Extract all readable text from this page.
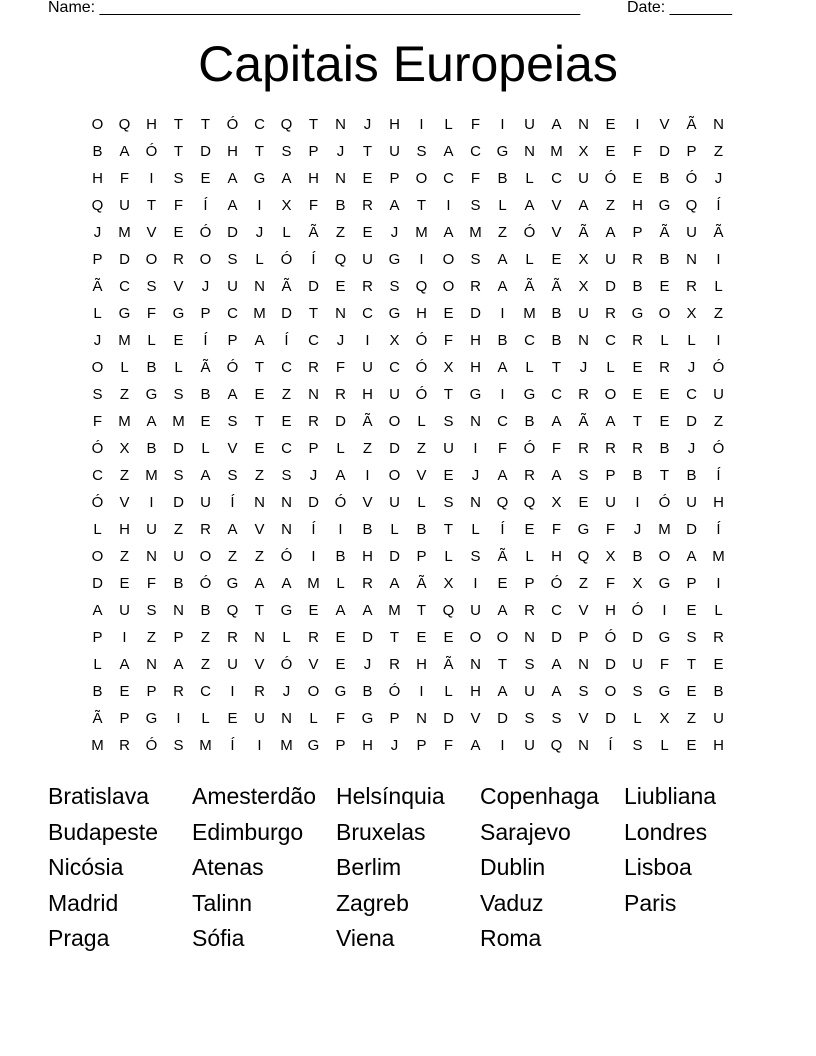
Name: ______________________________________________________	Date: _______
Capitais Europeias
O	Q	H	T	T	Ó	C	Q	T	N	J	H	I	L	F	I	U	A	N	E	I	V	Ã	N
B	A	Ó	T	D	H	T	S	P	J	T	U	S	A	C	G	N	M	X	E	F	D	P	Z
H	F	I	S	E	A	G	A	H	N	E	P	O	C	F	B	L	C	U	Ó	E	B	Ó	J
Q	U	T	F	Í	A	I	X	F	B	R	A	T	I	S	L	A	V	A	Z	H	G	Q	Í
J	M	V	E	Ó	D	J	L	Ã	Z	E	J	M	A	M	Z	Ó	V	Ã	A	P	Ã	U	Ã
P	D	O	R	O	S	L	Ó	Í	Q	U	G	I	O	S	A	L	E	X	U	R	B	N	I
Ã	C	S	V	J	U	N	Ã	D	E	R	S	Q	O	R	A	Ã	Ã	X	D	B	E	R	L
L	G	F	G	P	C	M	D	T	N	C	G	H	E	D	I	M	B	U	R	G	O	X	Z
J	M	L	E	Í	P	A	Í	C	J	I	X	Ó	F	H	B	C	B	N	C	R	L	L	I
O	L	B	L	Ã	Ó	T	C	R	F	U	C	Ó	X	H	A	L	T	J	L	E	R	J	Ó
S	Z	G	S	B	A	E	Z	N	R	H	U	Ó	T	G	I	G	C	R	O	E	E	C	U
F	M	A	M	E	S	T	E	R	D	Ã	O	L	S	N	C	B	A	Ã	A	T	E	D	Z
Ó	X	B	D	L	V	E	C	P	L	Z	D	Z	U	I	F	Ó	F	R	R	R	B	J	Ó
C	Z	M	S	A	S	Z	S	J	A	I	O	V	E	J	A	R	A	S	P	B	T	B	Í
Ó	V	I	D	U	Í	N	N	D	Ó	V	U	L	S	N	Q	Q	X	E	U	I	Ó	U	H
L	H	U	Z	R	A	V	N	Í	I	B	L	B	T	L	Í	E	F	G	F	J	M	D	Í
O	Z	N	U	O	Z	Z	Ó	I	B	H	D	P	L	S	Ã	L	H	Q	X	B	O	A	M
D	E	F	B	Ó	G	A	A	M	L	R	A	Ã	X	I	E	P	Ó	Z	F	X	G	P	I
A	U	S	N	B	Q	T	G	E	A	A	M	T	Q	U	A	R	C	V	H	Ó	I	E	L
P	I	Z	P	Z	R	N	L	R	E	D	T	E	E	O	O	N	D	P	Ó	D	G	S	R
L	A	N	A	Z	U	V	Ó	V	E	J	R	H	Ã	N	T	S	A	N	D	U	F	T	E
B	E	P	R	C	I	R	J	O	G	B	Ó	I	L	H	A	U	A	S	O	S	G	E	B
Ã	P	G	I	L	E	U	N	L	F	G	P	N	D	V	D	S	S	V	D	L	X	Z	U
M	R	Ó	S	M	Í	I	M G	P	H	J	P	F	A	I	U	Q	N	Í	S	L	E	H
Bratislava	Amesterdão Helsínquia	Copenhaga	Liubliana
Budapeste	Edimburgo	Bruxelas	Sarajevo	Londres
Nicósia	Atenas	Berlim	Dublin	Lisboa
Madrid	Talinn	Zagreb	Vaduz	Paris
Praga	Sófia	Viena	Roma
